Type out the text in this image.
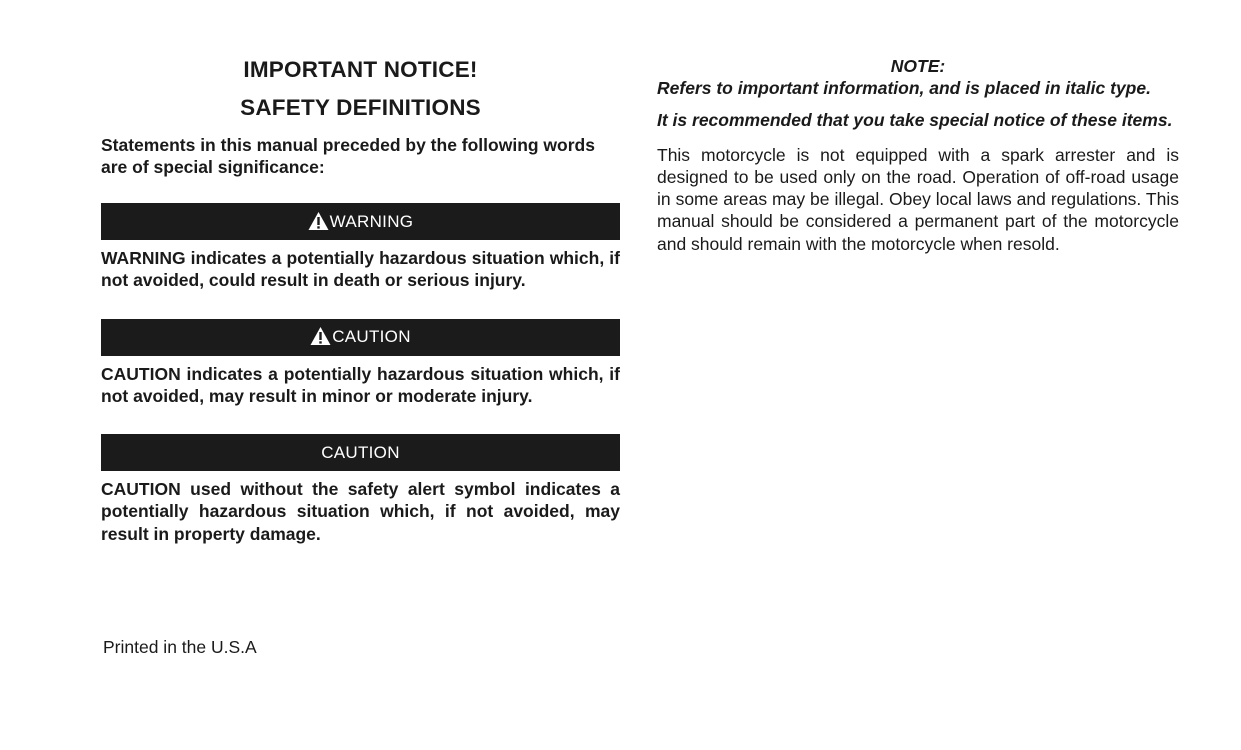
IMPORTANT NOTICE!
SAFETY DEFINITIONS

Statements in this manual preceded by the following words are of special significance:

WARNING

WARNING indicates a potentially hazardous situation which, if not avoided, could result in death or serious injury.

CAUTION

CAUTION indicates a potentially hazardous situation which, if not avoided, may result in minor or moderate injury.

CAUTION

CAUTION used without the safety alert symbol indicates a potentially hazardous situation which, if not avoided, may result in property damage.

Printed in the U.S.A

NOTE:

Refers to important information, and is placed in italic type.

It is recommended that you take special notice of these items.

This motorcycle is not equipped with a spark arrester and is designed to be used only on the road. Operation of off-road usage in some areas may be illegal. Obey local laws and regulations. This manual should be considered a permanent part of the motorcycle and should remain with the motorcycle when resold.
